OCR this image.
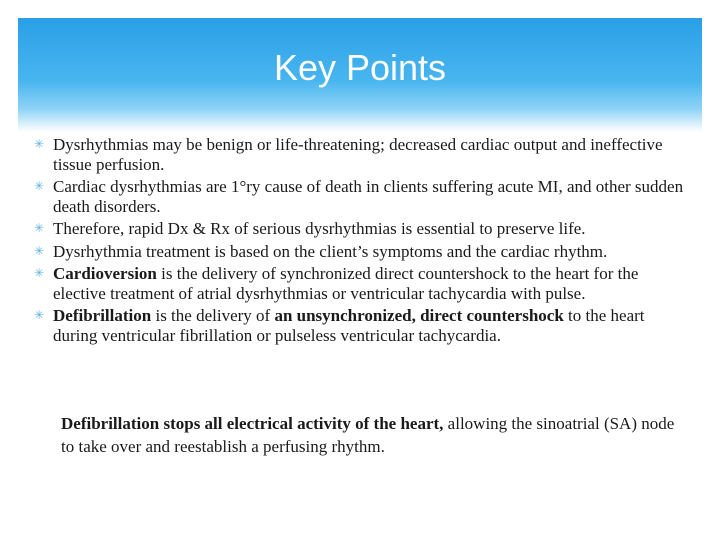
Key Points
✳ Dysrhythmias may be benign or life-threatening; decreased cardiac output and ineffective tissue perfusion.
✳ Cardiac dysrhythmias are 1°ry cause of death in clients suffering acute MI, and other sudden death disorders.
✳ Therefore, rapid Dx & Rx of serious dysrhythmias is essential to preserve life.
✳ Dysrhythmia treatment is based on the client’s symptoms and the cardiac rhythm.
✳ Cardioversion is the delivery of synchronized direct countershock to the heart for the elective treatment of atrial dysrhythmias or ventricular tachycardia with pulse.
✳ Defibrillation is the delivery of an unsynchronized, direct countershock to the heart during ventricular fibrillation or pulseless ventricular tachycardia.
Defibrillation stops all electrical activity of the heart, allowing the sinoatrial (SA) node to take over and reestablish a perfusing rhythm.
